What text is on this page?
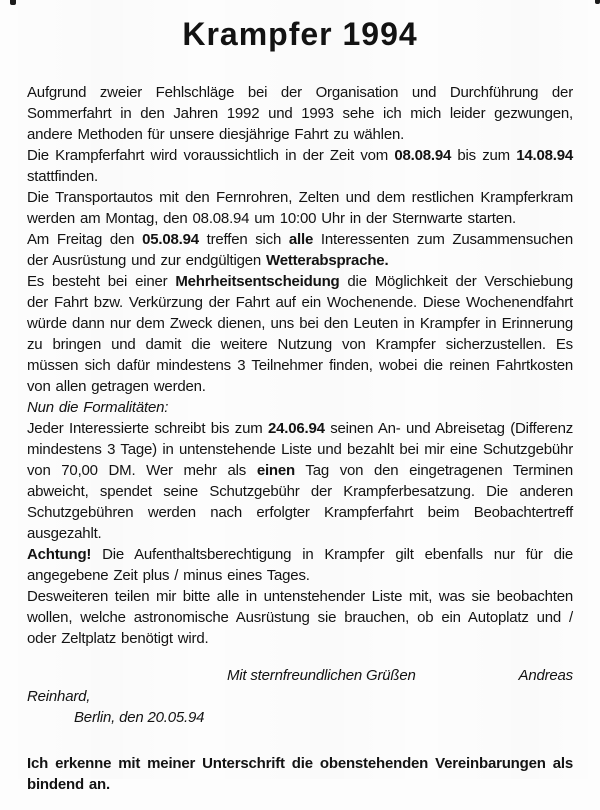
Krampfer 1994

Aufgrund zweier Fehlschläge bei der Organisation und Durchführung der Sommerfahrt in den Jahren 1992 und 1993 sehe ich mich leider gezwungen, andere Methoden für unsere diesjährige Fahrt zu wählen.

Die Krampferfahrt wird voraussichtlich in der Zeit vom 08.08.94 bis zum 14.08.94 stattfinden.

Die Transportautos mit den Fernrohren, Zelten und dem restlichen Krampferkram werden am Montag, den 08.08.94 um 10:00 Uhr in der Sternwarte starten.

Am Freitag den 05.08.94 treffen sich alle Interessenten zum Zusammensuchen der Ausrüstung und zur endgültigen Wetterabsprache.

Es besteht bei einer Mehrheitsentscheidung die Möglichkeit der Verschiebung der Fahrt bzw. Verkürzung der Fahrt auf ein Wochenende. Diese Wochenendfahrt würde dann nur dem Zweck dienen, uns bei den Leuten in Krampfer in Erinnerung zu bringen und damit die weitere Nutzung von Krampfer sicherzustellen. Es müssen sich dafür mindestens 3 Teilnehmer finden, wobei die reinen Fahrtkosten von allen getragen werden.

Nun die Formalitäten:

Jeder Interessierte schreibt bis zum 24.06.94 seinen An- und Abreisetag (Differenz mindestens 3 Tage) in untenstehende Liste und bezahlt bei mir eine Schutzgebühr von 70,00 DM. Wer mehr als einen Tag von den eingetragenen Terminen abweicht, spendet seine Schutzgebühr der Krampferbesatzung. Die anderen Schutzgebühren werden nach erfolgter Krampferfahrt beim Beobachtertreff ausgezahlt.

Achtung! Die Aufenthaltsberechtigung in Krampfer gilt ebenfalls nur für die angegebene Zeit plus / minus eines Tages.

Desweiteren teilen mir bitte alle in untenstehender Liste mit, was sie beobachten wollen, welche astronomische Ausrüstung sie brauchen, ob ein Autoplatz und / oder Zeltplatz benötigt wird.

Mit sternfreundlichen Grüßen	Andreas
Reinhard,
Berlin, den 20.05.94

Ich erkenne mit meiner Unterschrift die obenstehenden Vereinbarungen als bindend an.
